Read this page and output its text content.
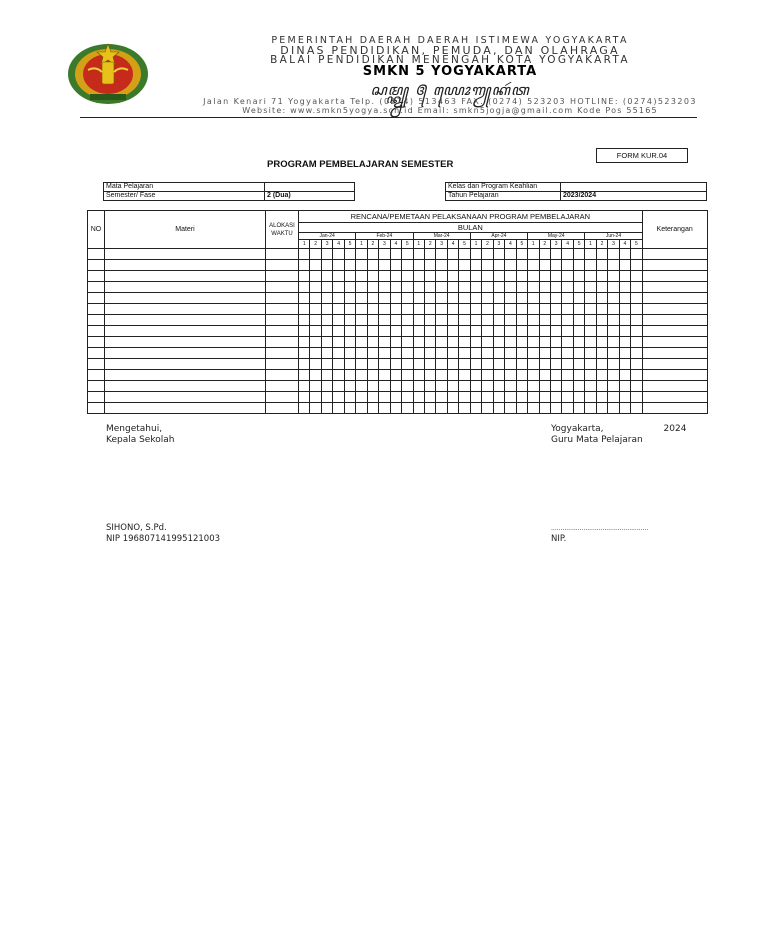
PEMERINTAH DAERAH DAERAH ISTIMEWA YOGYAKARTA
DINAS PENDIDIKAN, PEMUDA, DAN OLAHRAGA
BALAI PENDIDIKAN MENENGAH KOTA YOGYAKARTA
SMKN 5 YOGYAKARTA
ꦱꦩ꧀ꦏ꧀ꦤ꧀ ꧕ ꦪꦺꦴꦒꦾꦏꦂꦠ
Jalan Kenari 71 Yogyakarta Telp. (0274) 513463 FAX. (0274) 523203 HOTLINE: (0274)523203
Website: www.smkn5yogya.sch.id Email: smkn5jogja@gmail.com Kode Pos 55165
FORM KUR.04
PROGRAM PEMBELAJARAN SEMESTER
Mata Pelajaran	
Semester/ Fase	2 (Dua)
Kelas dan Program Keahlian	
Tahun Pelajaran	2023/2024
NO	Materi	ALOKASI WAKTU	RENCANA/PEMETAAN PELAKSANAAN PROGRAM PEMBELAJARAN																														Keterangan
			BULAN																														
			Jan-24					Feb-24					Mar-24					Apr-24					May-24					Jun-24					
			1	2	3	4	5	1	2	3	4	5	1	2	3	4	5	1	2	3	4	5	1	2	3	4	5	1	2	3	4	5	

Mengetahui,
Kepala Sekolah
Yogyakarta,	2024
Guru Mata Pelajaran
SIHONO, S.Pd.
NIP 196807141995121003
...................................................
NIP.
